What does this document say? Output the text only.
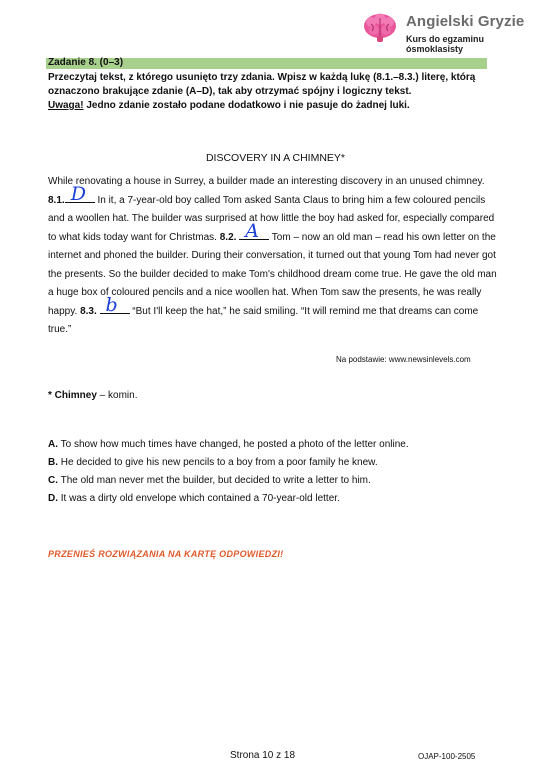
Angielski Gryzie
Kurs do egzaminu ósmoklasisty
Zadanie 8. (0–3)
Przeczytaj tekst, z którego usunięto trzy zdania. Wpisz w każdą lukę (8.1.–8.3.) literę, którą oznaczono brakujące zdanie (A–D), tak aby otrzymać spójny i logiczny tekst.
Uwaga! Jedno zdanie zostało podane dodatkowo i nie pasuje do żadnej luki.
DISCOVERY IN A CHIMNEY*
While renovating a house in Surrey, a builder made an interesting discovery in an unused chimney. 8.1. D In it, a 7-year-old boy called Tom asked Santa Claus to bring him a few coloured pencils and a woollen hat. The builder was surprised at how little the boy had asked for, especially compared to what kids today want for Christmas. 8.2. A Tom – now an old man – read his own letter on the internet and phoned the builder. During their conversation, it turned out that young Tom had never got the presents. So the builder decided to make Tom's childhood dream come true. He gave the old man a huge box of coloured pencils and a nice woollen hat. When Tom saw the presents, he was really happy. 8.3. b “But I'll keep the hat,” he said smiling. “It will remind me that dreams can come true.”
Na podstawie: www.newsinlevels.com
* Chimney – komin.
A. To show how much times have changed, he posted a photo of the letter online.
B. He decided to give his new pencils to a boy from a poor family he knew.
C. The old man never met the builder, but decided to write a letter to him.
D. It was a dirty old envelope which contained a 70-year-old letter.
PRZENIEŚ ROZWIĄZANIA NA KARTĘ ODPOWIEDZI!
Strona 10 z 18	OJAP-100-2505
